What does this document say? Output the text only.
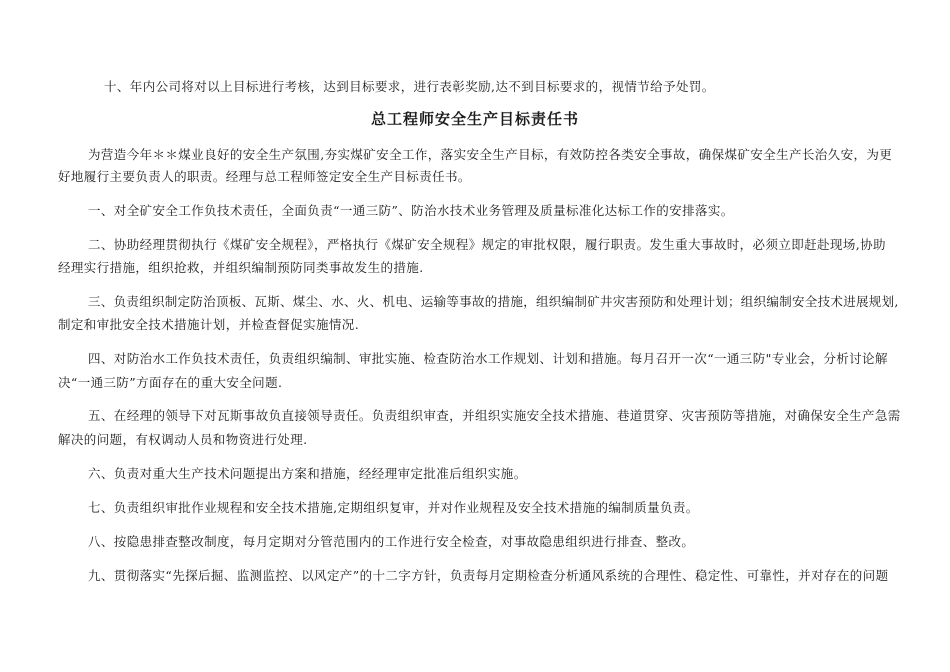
十、年内公司将对以上目标进行考核，达到目标要求，进行表彰奖励,达不到目标要求的，视情节给予处罚。
总工程师安全生产目标责任书
为营造今年＊＊煤业良好的安全生产氛围,夯实煤矿安全工作，落实安全生产目标，有效防控各类安全事故，确保煤矿安全生产长治久安，为更
好地履行主要负责人的职责。经理与总工程师签定安全生产目标责任书。
一、对全矿安全工作负技术责任，全面负责“一通三防”、防治水技术业务管理及质量标准化达标工作的安排落实。
二、协助经理贯彻执行《煤矿安全规程》，严格执行《煤矿安全规程》规定的审批权限，履行职责。发生重大事故时，必须立即赶赴现场,协助
经理实行措施，组织抢救，并组织编制预防同类事故发生的措施.
三、负责组织制定防治顶板、瓦斯、煤尘、水、火、机电、运输等事故的措施，组织编制矿井灾害预防和处理计划；组织编制安全技术进展规划,
制定和审批安全技术措施计划，并检查督促实施情况.
四、对防治水工作负技术责任，负责组织编制、审批实施、检查防治水工作规划、计划和措施。每月召开一次“一通三防"专业会，分析讨论解
决“一通三防”方面存在的重大安全问题.
五、在经理的领导下对瓦斯事故负直接领导责任。负责组织审查，并组织实施安全技术措施、巷道贯穿、灾害预防等措施，对确保安全生产急需
解决的问题，有权调动人员和物资进行处理.
六、负责对重大生产技术问题提出方案和措施，经经理审定批准后组织实施。
七、负责组织审批作业规程和安全技术措施,定期组织复审，并对作业规程及安全技术措施的编制质量负责。
八、按隐患排查整改制度，每月定期对分管范围内的工作进行安全检查，对事故隐患组织进行排查、整改。
九、贯彻落实“先探后掘、监测监控、以风定产”的十二字方针，负责每月定期检查分析通风系统的合理性、稳定性、可靠性，并对存在的问题
